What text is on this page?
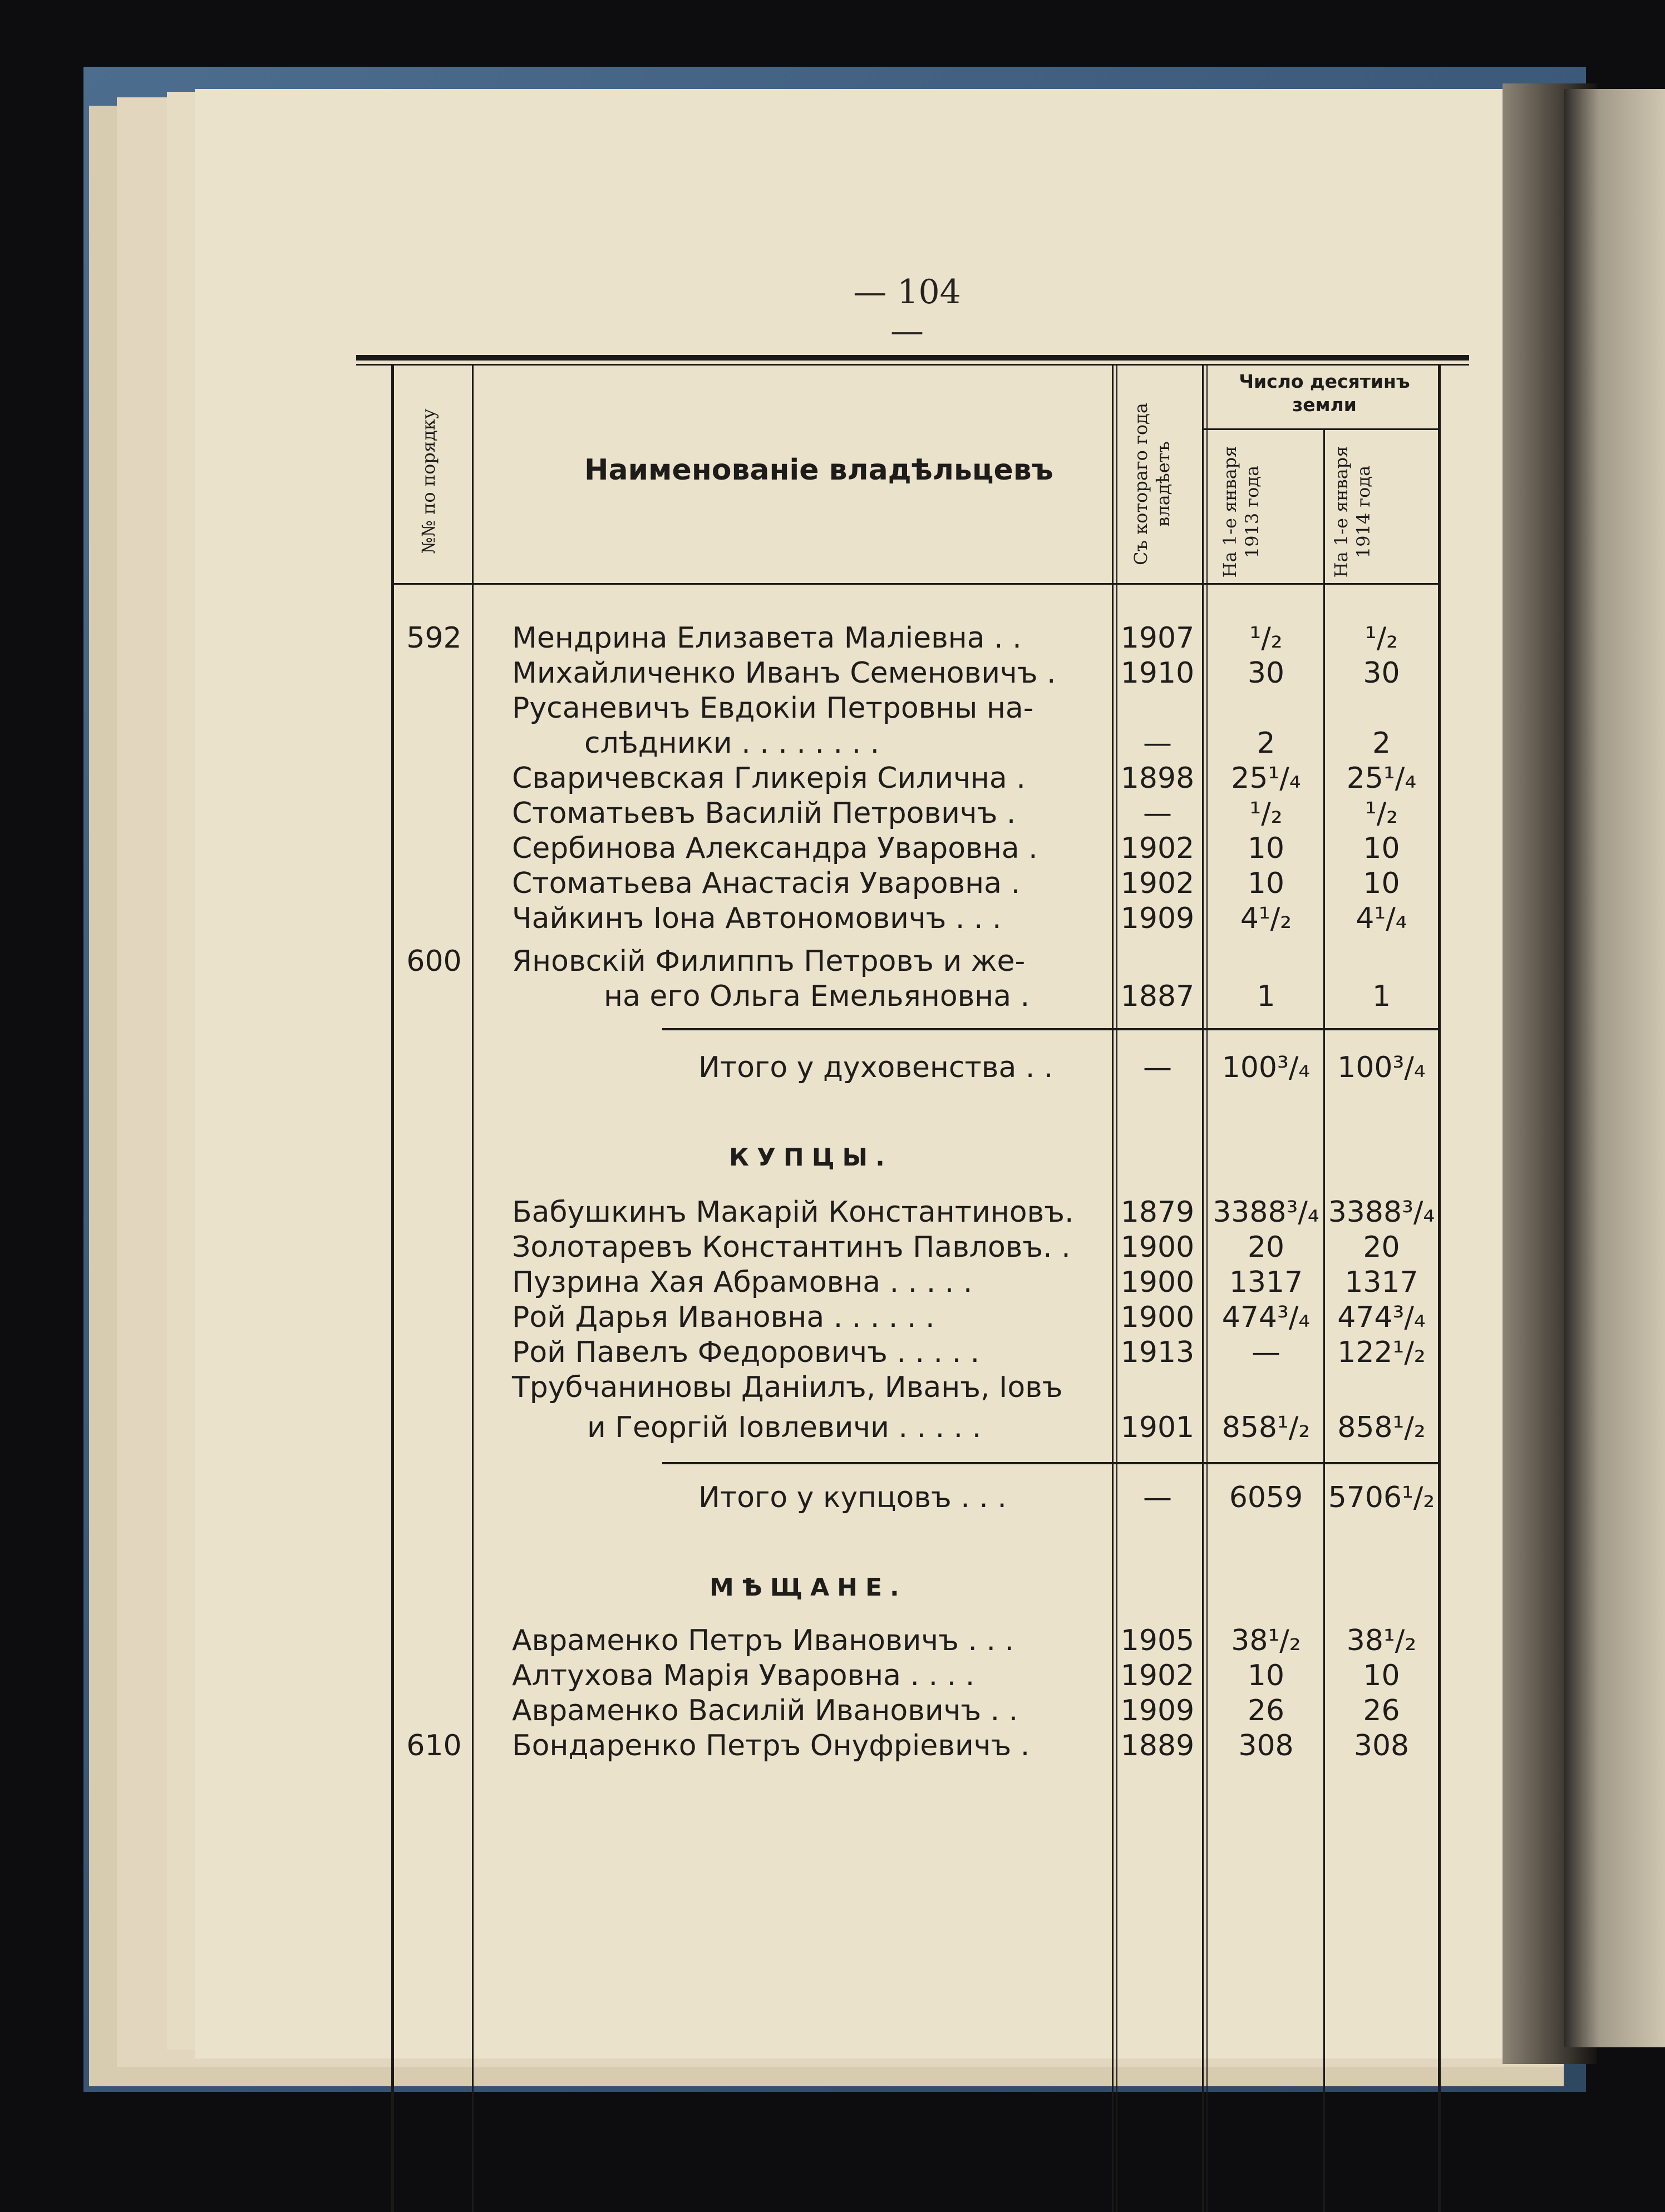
— 104 —
№№ по порядку	Наименованіе владѣльцевъ	Съ котораго года владѣетъ
Число десятинъ земли
На 1-е января 1913 года	На 1-е января 1914 года
592 Мендрина Елизавета Маліевна . .	1907	¹/₂	¹/₂
Михайличенко Иванъ Семеновичъ . 1910	30	30
Русаневичъ Евдокіи Петровны на-
слѣдники . . . . . . . .	—	2	2
Сваричевская Гликерія Силична .	1898	25¹/₄	25¹/₄
Стоматьевъ Василій Петровичъ .	—	¹/₂	¹/₂
Сербинова Александра Уваровна .	1902	10	10
Стоматьева Анастасія Уваровна .	1902	10	10
Чайкинъ Іона Автономовичъ . . .	1909	4¹/₂	4¹/₄
600 Яновскій Филиппъ Петровъ и же-
на его Ольга Емельяновна .	1887	1	1
Итого у духовенства . .	—	100³/₄ 100³/₄
КУПЦЫ.
Бабушкинъ Макарій Константиновъ. 1879 3388³/₄ 3388³/₄
Золотаревъ Константинъ Павловъ. . 1900	20	20
Пузрина Хая Абрамовна . . . . .	1900	1317	1317
Рой Дарья Ивановна . . . . . .	1900 474³/₄ 474³/₄
Рой Павелъ Федоровичъ . . . . .	1913	—	122¹/₂
Трубчаниновы Даніилъ, Иванъ, Іовъ
и Георгій Іовлевичи . . . . .	1901 858¹/₂ 858¹/₂
Итого у купцовъ . . .	—	6059 5706¹/₂
МѢЩАНЕ.
Авраменко Петръ Ивановичъ . . .	1905	38¹/₂	38¹/₂
Алтухова Марія Уваровна . . . .	1902	10	10
Авраменко Василій Ивановичъ . .	1909	26	26
610 Бондаренко Петръ Онуфріевичъ .	1889	308	308
